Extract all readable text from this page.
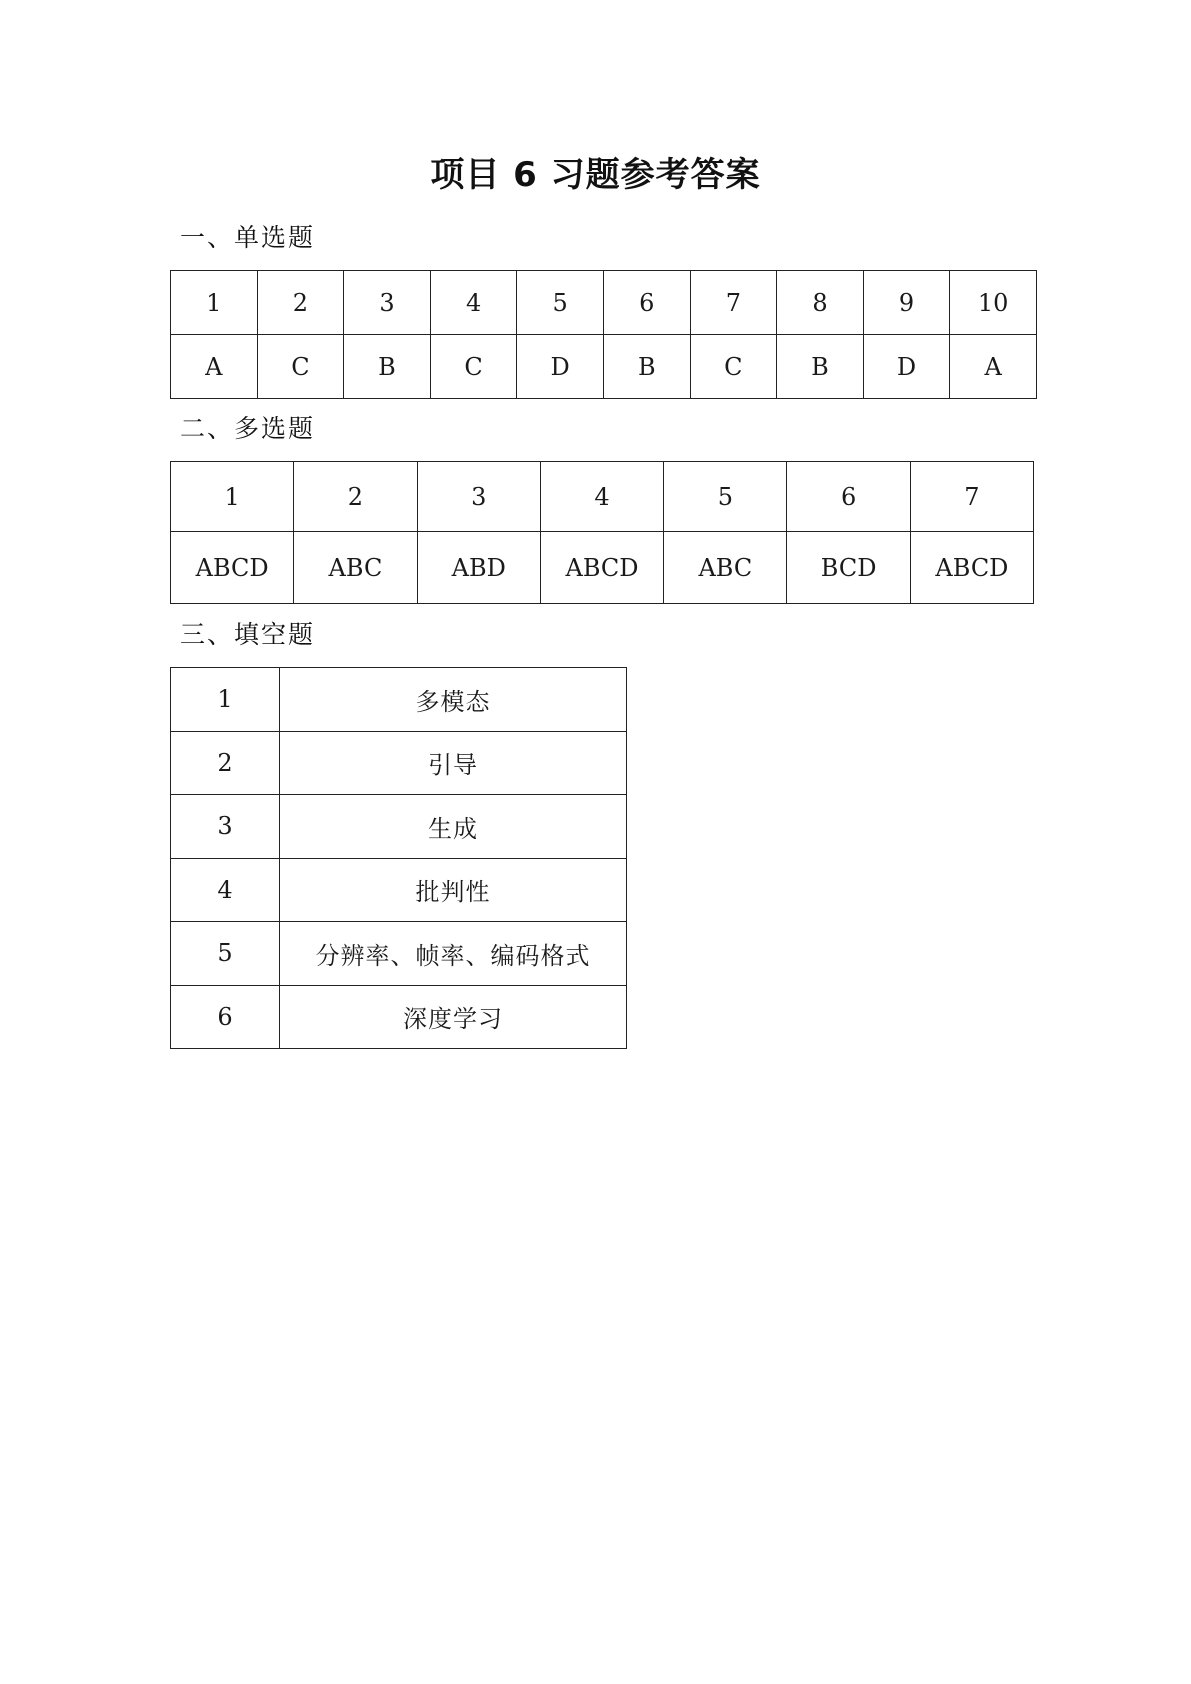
项目 6 习题参考答案
一、单选题
1	2	3	4	5	6	7	8	9	10
A	C	B	C	D	B	C	B	D	A
二、多选题
1	2	3	4	5	6	7
ABCD	ABC	ABD	ABCD	ABC	BCD	ABCD
三、填空题
1	多模态
2	引导
3	生成
4	批判性
5	分辨率、帧率、编码格式
6	深度学习
